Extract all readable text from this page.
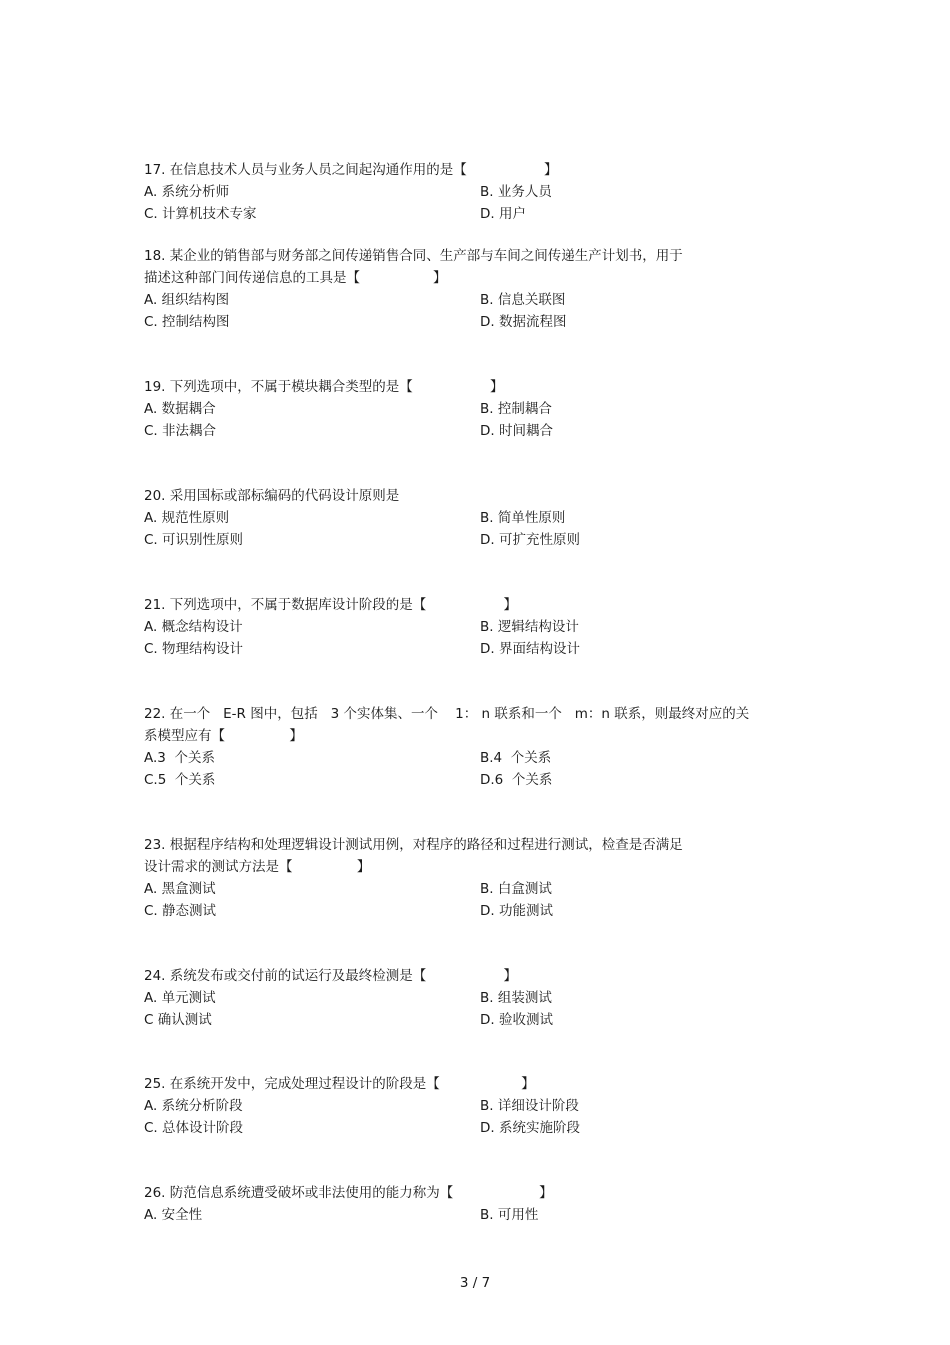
17. 在信息技术人员与业务人员之间起沟通作用的是【                  】
A. 系统分析师	B. 业务人员
C. 计算机技术专家	D. 用户
18. 某企业的销售部与财务部之间传递销售合同、生产部与车间之间传递生产计划书，用于
描述这种部门间传递信息的工具是【                 】
A. 组织结构图	B. 信息关联图
C. 控制结构图	D. 数据流程图
19. 下列选项中，不属于模块耦合类型的是【                  】
A. 数据耦合	B. 控制耦合
C. 非法耦合	D. 时间耦合
20. 采用国标或部标编码的代码设计原则是
A. 规范性原则	B. 简单性原则
C. 可识别性原则	D. 可扩充性原则
21. 下列选项中，不属于数据库设计阶段的是【                  】
A. 概念结构设计	B. 逻辑结构设计
C. 物理结构设计	D. 界面结构设计
22. 在一个   E-R 图中，包括   3 个实体集、一个    1： n 联系和一个   m：n 联系，则最终对应的关
系模型应有【               】
A.3  个关系	B.4  个关系
C.5  个关系	D.6  个关系
23. 根据程序结构和处理逻辑设计测试用例，对程序的路径和过程进行测试，检查是否满足
设计需求的测试方法是【               】
A. 黑盒测试	B. 白盒测试
C. 静态测试	D. 功能测试
24. 系统发布或交付前的试运行及最终检测是【                  】
A. 单元测试	B. 组装测试
C 确认测试	D. 验收测试
25. 在系统开发中，完成处理过程设计的阶段是【                   】
A. 系统分析阶段	B. 详细设计阶段
C. 总体设计阶段	D. 系统实施阶段
26. 防范信息系统遭受破坏或非法使用的能力称为【                    】
A. 安全性	B. 可用性
3 / 7
